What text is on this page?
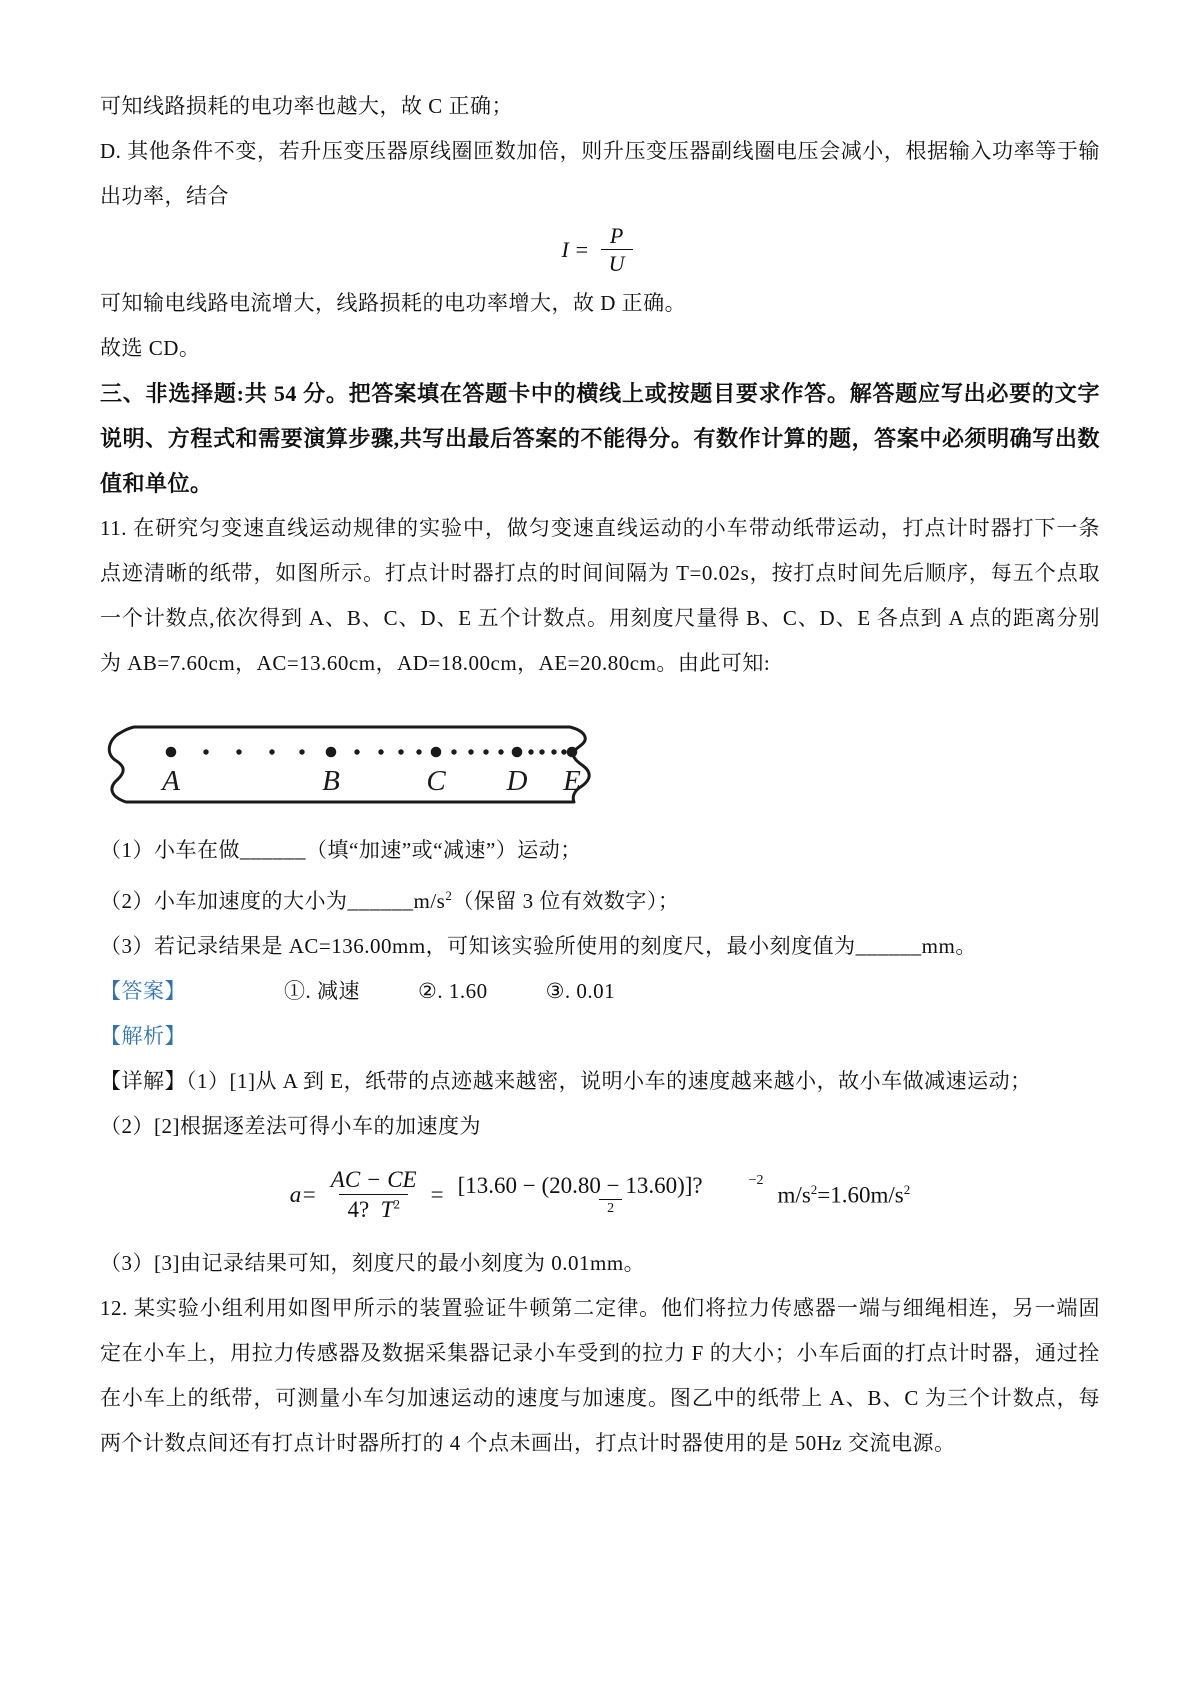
可知线路损耗的电功率也越大，故 C 正确；

D. 其他条件不变，若升压变压器原线圈匝数加倍，则升压变压器副线圈电压会减小，根据输入功率等于输出功率，结合

$I = \frac{P}{U}$

可知输电线路电流增大，线路损耗的电功率增大，故 D 正确。

故选 CD。

三、非选择题:共 54 分。把答案填在答题卡中的横线上或按题目要求作答。解答题应写出必要的文字说明、方程式和需要演算步骤,共写出最后答案的不能得分。有数作计算的题，答案中必须明确写出数值和单位。

11. 在研究匀变速直线运动规律的实验中，做匀变速直线运动的小车带动纸带运动，打点计时器打下一条点迹清晰的纸带，如图所示。打点计时器打点的时间间隔为 T=0.02s，按打点时间先后顺序，每五个点取一个计数点,依次得到 A、B、C、D、E 五个计数点。用刻度尺量得 B、C、D、E 各点到 A 点的距离分别为 AB=7.60cm，AC=13.60cm，AD=18.00cm，AE=20.80cm。由此可知:

A	B	C D E

（1）小车在做______（填“加速”或“减速”）运动；

（2）小车加速度的大小为$\_\_\_\_\_\_m/s^2$（保留 3 位有效数字）；

（3）若记录结果是 AC=136.00mm，可知该实验所使用的刻度尺，最小刻度值为______mm。

【答案】	①. 减速	②. 1.60	③. 0.01

【解析】

【详解】（1）[1]从 A 到 E，纸带的点迹越来越密，说明小车的速度越来越小，故小车做减速运动；

（2）[2]根据逐差法可得小车的加速度为

$a= \frac{AC - CE}{4? T^2} = [13.60 - (20.80 - 13.60)]$?	$^{-2}$
2 $m/s^2=1.60m/s^2$

（3）[3]由记录结果可知，刻度尺的最小刻度为 0.01mm。

12. 某实验小组利用如图甲所示的装置验证牛顿第二定律。他们将拉力传感器一端与细绳相连，另一端固定在小车上，用拉力传感器及数据采集器记录小车受到的拉力 F 的大小；小车后面的打点计时器，通过拴在小车上的纸带，可测量小车匀加速运动的速度与加速度。图乙中的纸带上 A、B、C 为三个计数点，每两个计数点间还有打点计时器所打的 4 个点未画出，打点计时器使用的是 50Hz 交流电源。
